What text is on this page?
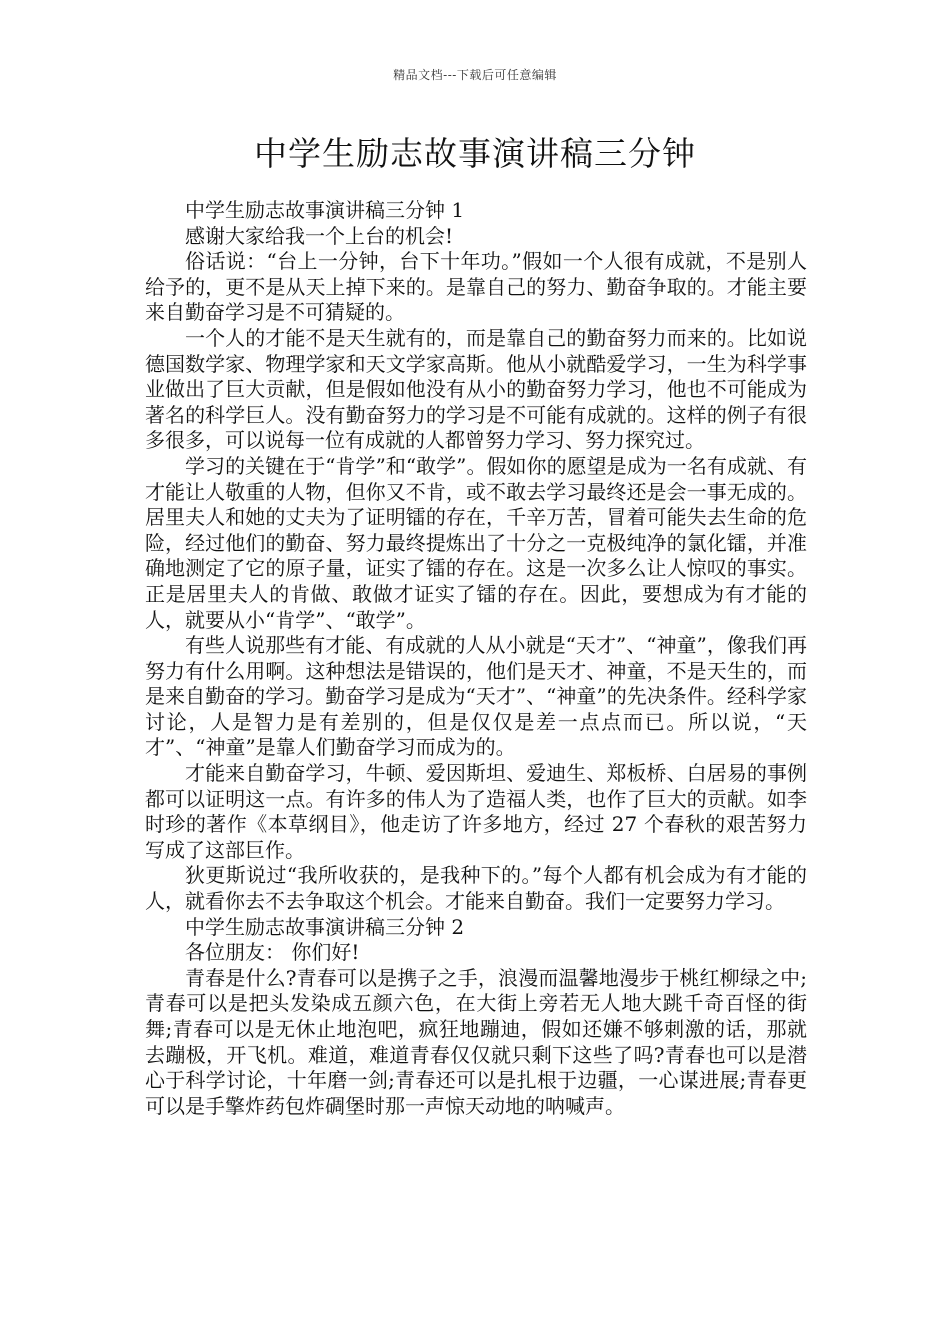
精品文档---下载后可任意编辑
中学生励志故事演讲稿三分钟

中学生励志故事演讲稿三分钟 1

感谢大家给我一个上台的机会!

俗话说：“台上一分钟，台下十年功。”假如一个人很有成就，不是别人给予的，更不是从天上掉下来的。是靠自己的努力、勤奋争取的。才能主要来自勤奋学习是不可猜疑的。

一个人的才能不是天生就有的，而是靠自己的勤奋努力而来的。比如说德国数学家、物理学家和天文学家高斯。他从小就酷爱学习，一生为科学事业做出了巨大贡献，但是假如他没有从小的勤奋努力学习，他也不可能成为著名的科学巨人。没有勤奋努力的学习是不可能有成就的。这样的例子有很多很多，可以说每一位有成就的人都曾努力学习、努力探究过。

学习的关键在于“肯学”和“敢学”。假如你的愿望是成为一名有成就、有才能让人敬重的人物，但你又不肯，或不敢去学习最终还是会一事无成的。居里夫人和她的丈夫为了证明镭的存在，千辛万苦，冒着可能失去生命的危险，经过他们的勤奋、努力最终提炼出了十分之一克极纯净的氯化镭，并准确地测定了它的原子量，证实了镭的存在。这是一次多么让人惊叹的事实。正是居里夫人的肯做、敢做才证实了镭的存在。因此，要想成为有才能的人，就要从小“肯学”、“敢学”。

有些人说那些有才能、有成就的人从小就是“天才”、“神童”，像我们再努力有什么用啊。这种想法是错误的，他们是天才、神童，不是天生的，而是来自勤奋的学习。勤奋学习是成为“天才”、“神童”的先决条件。经科学家讨论，人是智力是有差别的，但是仅仅是差一点点而已。所以说，“天才”、“神童”是靠人们勤奋学习而成为的。

才能来自勤奋学习，牛顿、爱因斯坦、爱迪生、郑板桥、白居易的事例都可以证明这一点。有许多的伟人为了造福人类，也作了巨大的贡献。如李时珍的著作《本草纲目》，他走访了许多地方，经过 27 个春秋的艰苦努力写成了这部巨作。

狄更斯说过“我所收获的，是我种下的。”每个人都有机会成为有才能的人，就看你去不去争取这个机会。才能来自勤奋。我们一定要努力学习。

中学生励志故事演讲稿三分钟 2

各位朋友： 你们好!

青春是什么?青春可以是携子之手，浪漫而温馨地漫步于桃红柳绿之中;青春可以是把头发染成五颜六色，在大街上旁若无人地大跳千奇百怪的街舞;青春可以是无休止地泡吧，疯狂地蹦迪，假如还嫌不够刺激的话，那就去蹦极，开飞机。难道，难道青春仅仅就只剩下这些了吗?青春也可以是潜心于科学讨论，十年磨一剑;青春还可以是扎根于边疆，一心谋进展;青春更可以是手擎炸药包炸碉堡时那一声惊天动地的呐喊声。
